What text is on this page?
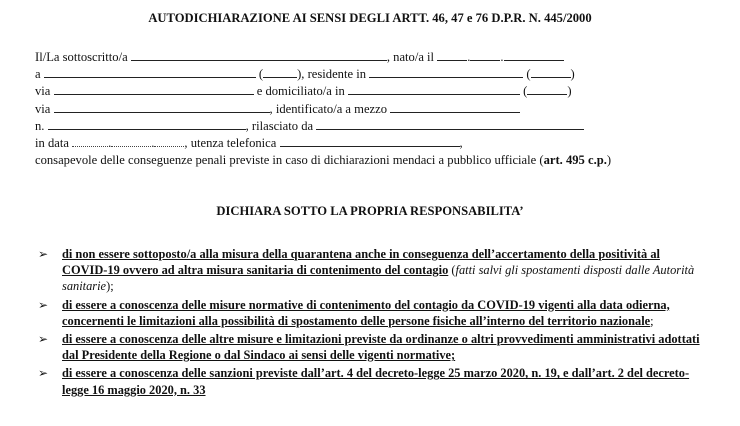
AUTODICHIARAZIONE AI SENSI DEGLI ARTT. 46, 47 e 76 D.P.R. N. 445/2000
Il/La sottoscritto/a	, nato/a il	. .
a	(	), residente in	(	)
via	e domiciliato/a in	(	)
via	, identificato/a a mezzo
n.	, rilasciato da
in data	.	. , utenza telefonica	,
consapevole delle conseguenze penali previste in caso di dichiarazioni mendaci a pubblico ufficiale (art. 495 c.p.)
DICHIARA SOTTO LA PROPRIA RESPONSABILITA’
➢ di non essere sottoposto/a alla misura della quarantena anche in conseguenza dell’accertamento della positività al COVID-19 ovvero ad altra misura sanitaria di contenimento del contagio (fatti salvi gli spostamenti disposti dalle Autorità sanitarie);
➢ di essere a conoscenza delle misure normative di contenimento del contagio da COVID-19 vigenti alla data odierna, concernenti le limitazioni alla possibilità di spostamento delle persone fisiche all’interno del territorio nazionale;
➢ di essere a conoscenza delle altre misure e limitazioni previste da ordinanze o altri provvedimenti amministrativi adottati dal Presidente della Regione o dal Sindaco ai sensi delle vigenti normative;
➢ di essere a conoscenza delle sanzioni previste dall’art. 4 del decreto-legge 25 marzo 2020, n. 19, e dall’art. 2 del decreto-legge 16 maggio 2020, n. 33
